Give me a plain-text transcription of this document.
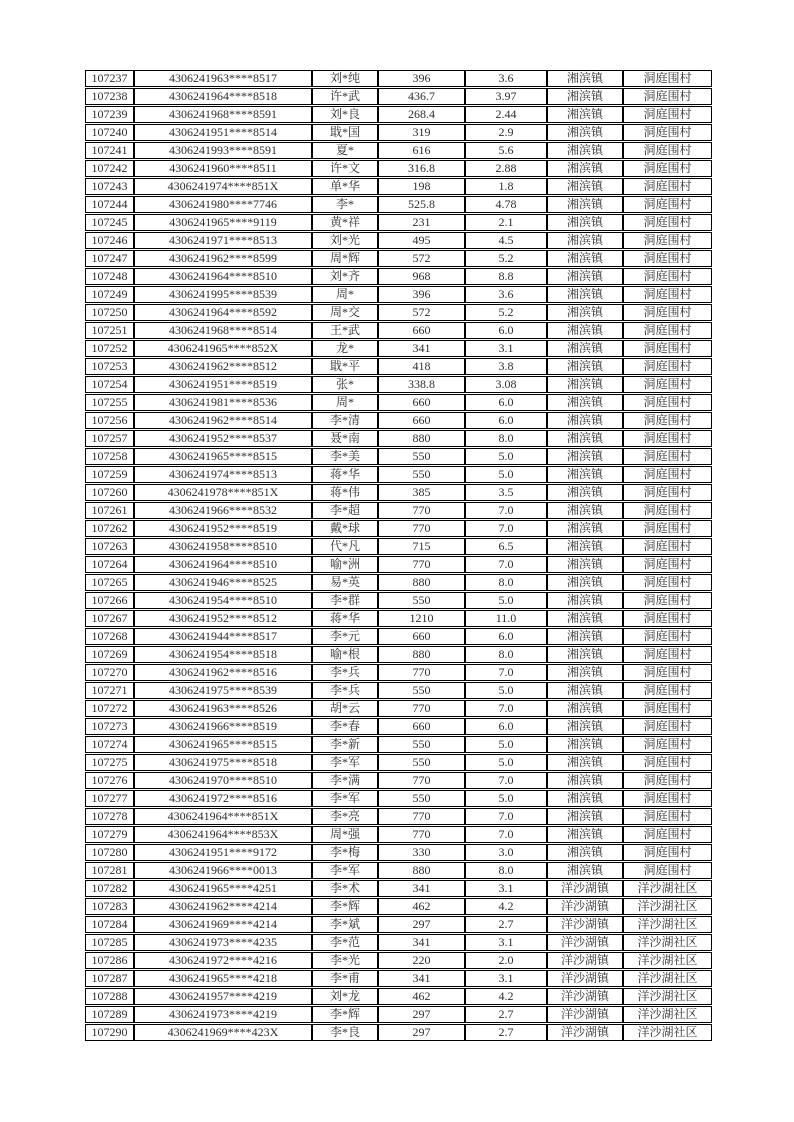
107237	4306241963****8517	刘*纯	396	3.6	湘滨镇	洞庭围村
107238	4306241964****8518	许*武	436.7	3.97	湘滨镇	洞庭围村
107239	4306241968****8591	刘*良	268.4	2.44	湘滨镇	洞庭围村
107240	4306241951****8514	戢*国	319	2.9	湘滨镇	洞庭围村
107241	4306241993****8591	夏*	616	5.6	湘滨镇	洞庭围村
107242	4306241960****8511	许*文	316.8	2.88	湘滨镇	洞庭围村
107243	4306241974****851X	单*华	198	1.8	湘滨镇	洞庭围村
107244	4306241980****7746	李*	525.8	4.78	湘滨镇	洞庭围村
107245	4306241965****9119	黄*祥	231	2.1	湘滨镇	洞庭围村
107246	4306241971****8513	刘*光	495	4.5	湘滨镇	洞庭围村
107247	4306241962****8599	周*辉	572	5.2	湘滨镇	洞庭围村
107248	4306241964****8510	刘*齐	968	8.8	湘滨镇	洞庭围村
107249	4306241995****8539	周*	396	3.6	湘滨镇	洞庭围村
107250	4306241964****8592	周*交	572	5.2	湘滨镇	洞庭围村
107251	4306241968****8514	王*武	660	6.0	湘滨镇	洞庭围村
107252	4306241965****852X	龙*	341	3.1	湘滨镇	洞庭围村
107253	4306241962****8512	戢*平	418	3.8	湘滨镇	洞庭围村
107254	4306241951****8519	张*	338.8	3.08	湘滨镇	洞庭围村
107255	4306241981****8536	周*	660	6.0	湘滨镇	洞庭围村
107256	4306241962****8514	李*清	660	6.0	湘滨镇	洞庭围村
107257	4306241952****8537	聂*南	880	8.0	湘滨镇	洞庭围村
107258	4306241965****8515	李*美	550	5.0	湘滨镇	洞庭围村
107259	4306241974****8513	蒋*华	550	5.0	湘滨镇	洞庭围村
107260	4306241978****851X	蒋*伟	385	3.5	湘滨镇	洞庭围村
107261	4306241966****8532	李*超	770	7.0	湘滨镇	洞庭围村
107262	4306241952****8519	戴*球	770	7.0	湘滨镇	洞庭围村
107263	4306241958****8510	代*凡	715	6.5	湘滨镇	洞庭围村
107264	4306241964****8510	喻*洲	770	7.0	湘滨镇	洞庭围村
107265	4306241946****8525	易*英	880	8.0	湘滨镇	洞庭围村
107266	4306241954****8510	李*群	550	5.0	湘滨镇	洞庭围村
107267	4306241952****8512	蒋*华	1210	11.0	湘滨镇	洞庭围村
107268	4306241944****8517	李*元	660	6.0	湘滨镇	洞庭围村
107269	4306241954****8518	喻*根	880	8.0	湘滨镇	洞庭围村
107270	4306241962****8516	李*兵	770	7.0	湘滨镇	洞庭围村
107271	4306241975****8539	李*兵	550	5.0	湘滨镇	洞庭围村
107272	4306241963****8526	胡*云	770	7.0	湘滨镇	洞庭围村
107273	4306241966****8519	李*春	660	6.0	湘滨镇	洞庭围村
107274	4306241965****8515	李*新	550	5.0	湘滨镇	洞庭围村
107275	4306241975****8518	李*军	550	5.0	湘滨镇	洞庭围村
107276	4306241970****8510	李*满	770	7.0	湘滨镇	洞庭围村
107277	4306241972****8516	李*军	550	5.0	湘滨镇	洞庭围村
107278	4306241964****851X	李*亮	770	7.0	湘滨镇	洞庭围村
107279	4306241964****853X	周*强	770	7.0	湘滨镇	洞庭围村
107280	4306241951****9172	李*梅	330	3.0	湘滨镇	洞庭围村
107281	4306241966****0013	李*军	880	8.0	湘滨镇	洞庭围村
107282	4306241965****4251	李*术	341	3.1	洋沙湖镇	洋沙湖社区
107283	4306241962****4214	李*辉	462	4.2	洋沙湖镇	洋沙湖社区
107284	4306241969****4214	李*斌	297	2.7	洋沙湖镇	洋沙湖社区
107285	4306241973****4235	李*范	341	3.1	洋沙湖镇	洋沙湖社区
107286	4306241972****4216	李*光	220	2.0	洋沙湖镇	洋沙湖社区
107287	4306241965****4218	李*甫	341	3.1	洋沙湖镇	洋沙湖社区
107288	4306241957****4219	刘*龙	462	4.2	洋沙湖镇	洋沙湖社区
107289	4306241973****4219	李*辉	297	2.7	洋沙湖镇	洋沙湖社区
107290	4306241969****423X	李*良	297	2.7	洋沙湖镇	洋沙湖社区
